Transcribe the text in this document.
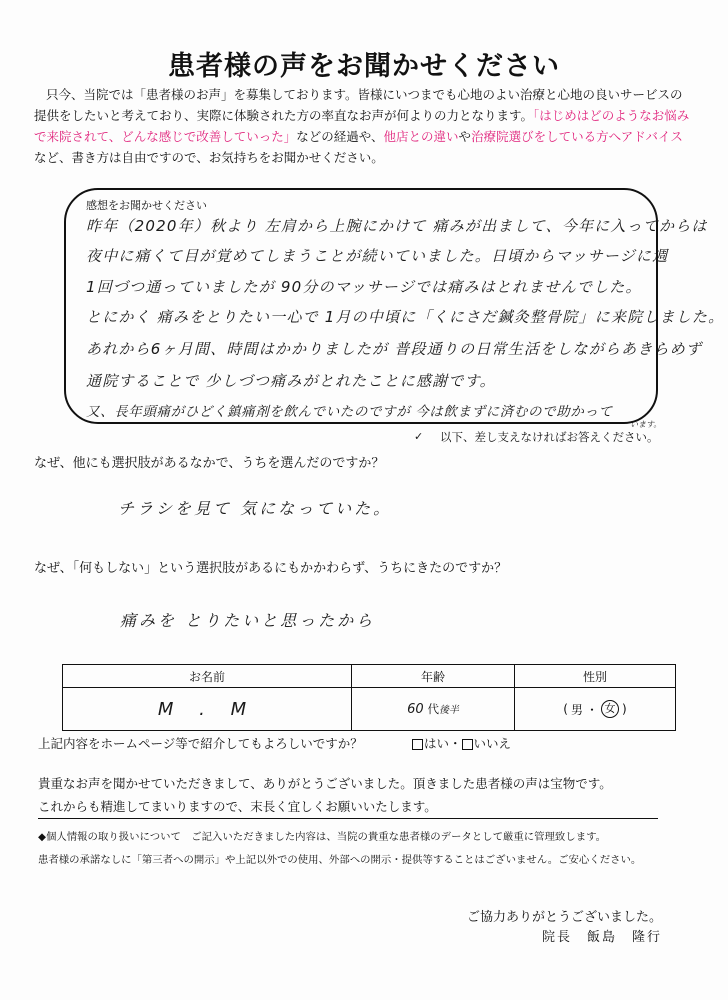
患者様の声をお聞かせください
只今、当院では「患者様のお声」を募集しております。皆様にいつまでも心地のよい治療と心地の良いサービスの提供をしたいと考えており、実際に体験された方の率直なお声が何よりの力となります。「はじめはどのようなお悩みで来院されて、どんな感じで改善していった」などの経過や、他店との違いや治療院選びをしている方へアドバイスなど、書き方は自由ですので、お気持ちをお聞かせください。
感想をお聞かせください
昨年（2020年）秋より 左肩から上腕にかけて 痛みが出まして、今年に入ってからは
夜中に痛くて目が覚めてしまうことが続いていました。日頃からマッサージに週
1回づつ通っていましたが 90分のマッサージでは痛みはとれませんでした。
とにかく 痛みをとりたい一心で 1月の中頃に「くにさだ鍼灸整骨院」に来院しました。
あれから6ヶ月間、時間はかかりましたが 普段通りの日常生活をしながらあきらめず
通院することで 少しづつ痛みがとれたことに感謝です。
又、長年頭痛がひどく鎮痛剤を飲んでいたのですが 今は飲まずに済むので助かって
います。
✓ 以下、差し支えなければお答えください。
なぜ、他にも選択肢があるなかで、うちを選んだのですか？
チラシを見て 気になっていた。
なぜ、「何もしない」という選択肢があるにもかかわらず、うちにきたのですか？
痛みを とりたいと思ったから
お名前	年齢	性別
M . M	60 代後半	( 男 ・ 女 )
上記内容をホームページ等で紹介してもよろしいですか？	はい・ いいえ
貴重なお声を聞かせていただきまして、ありがとうございました。頂きました患者様の声は宝物です。
これからも精進してまいりますので、末長く宜しくお願いいたします。
◆個人情報の取り扱いについて　ご記入いただきました内容は、当院の貴重な患者様のデータとして厳重に管理致します。
患者様の承諾なしに「第三者への開示」や上記以外での使用、外部への開示・提供等することはございません。ご安心ください。
ご協力ありがとうございました。
院長　飯島　隆行
